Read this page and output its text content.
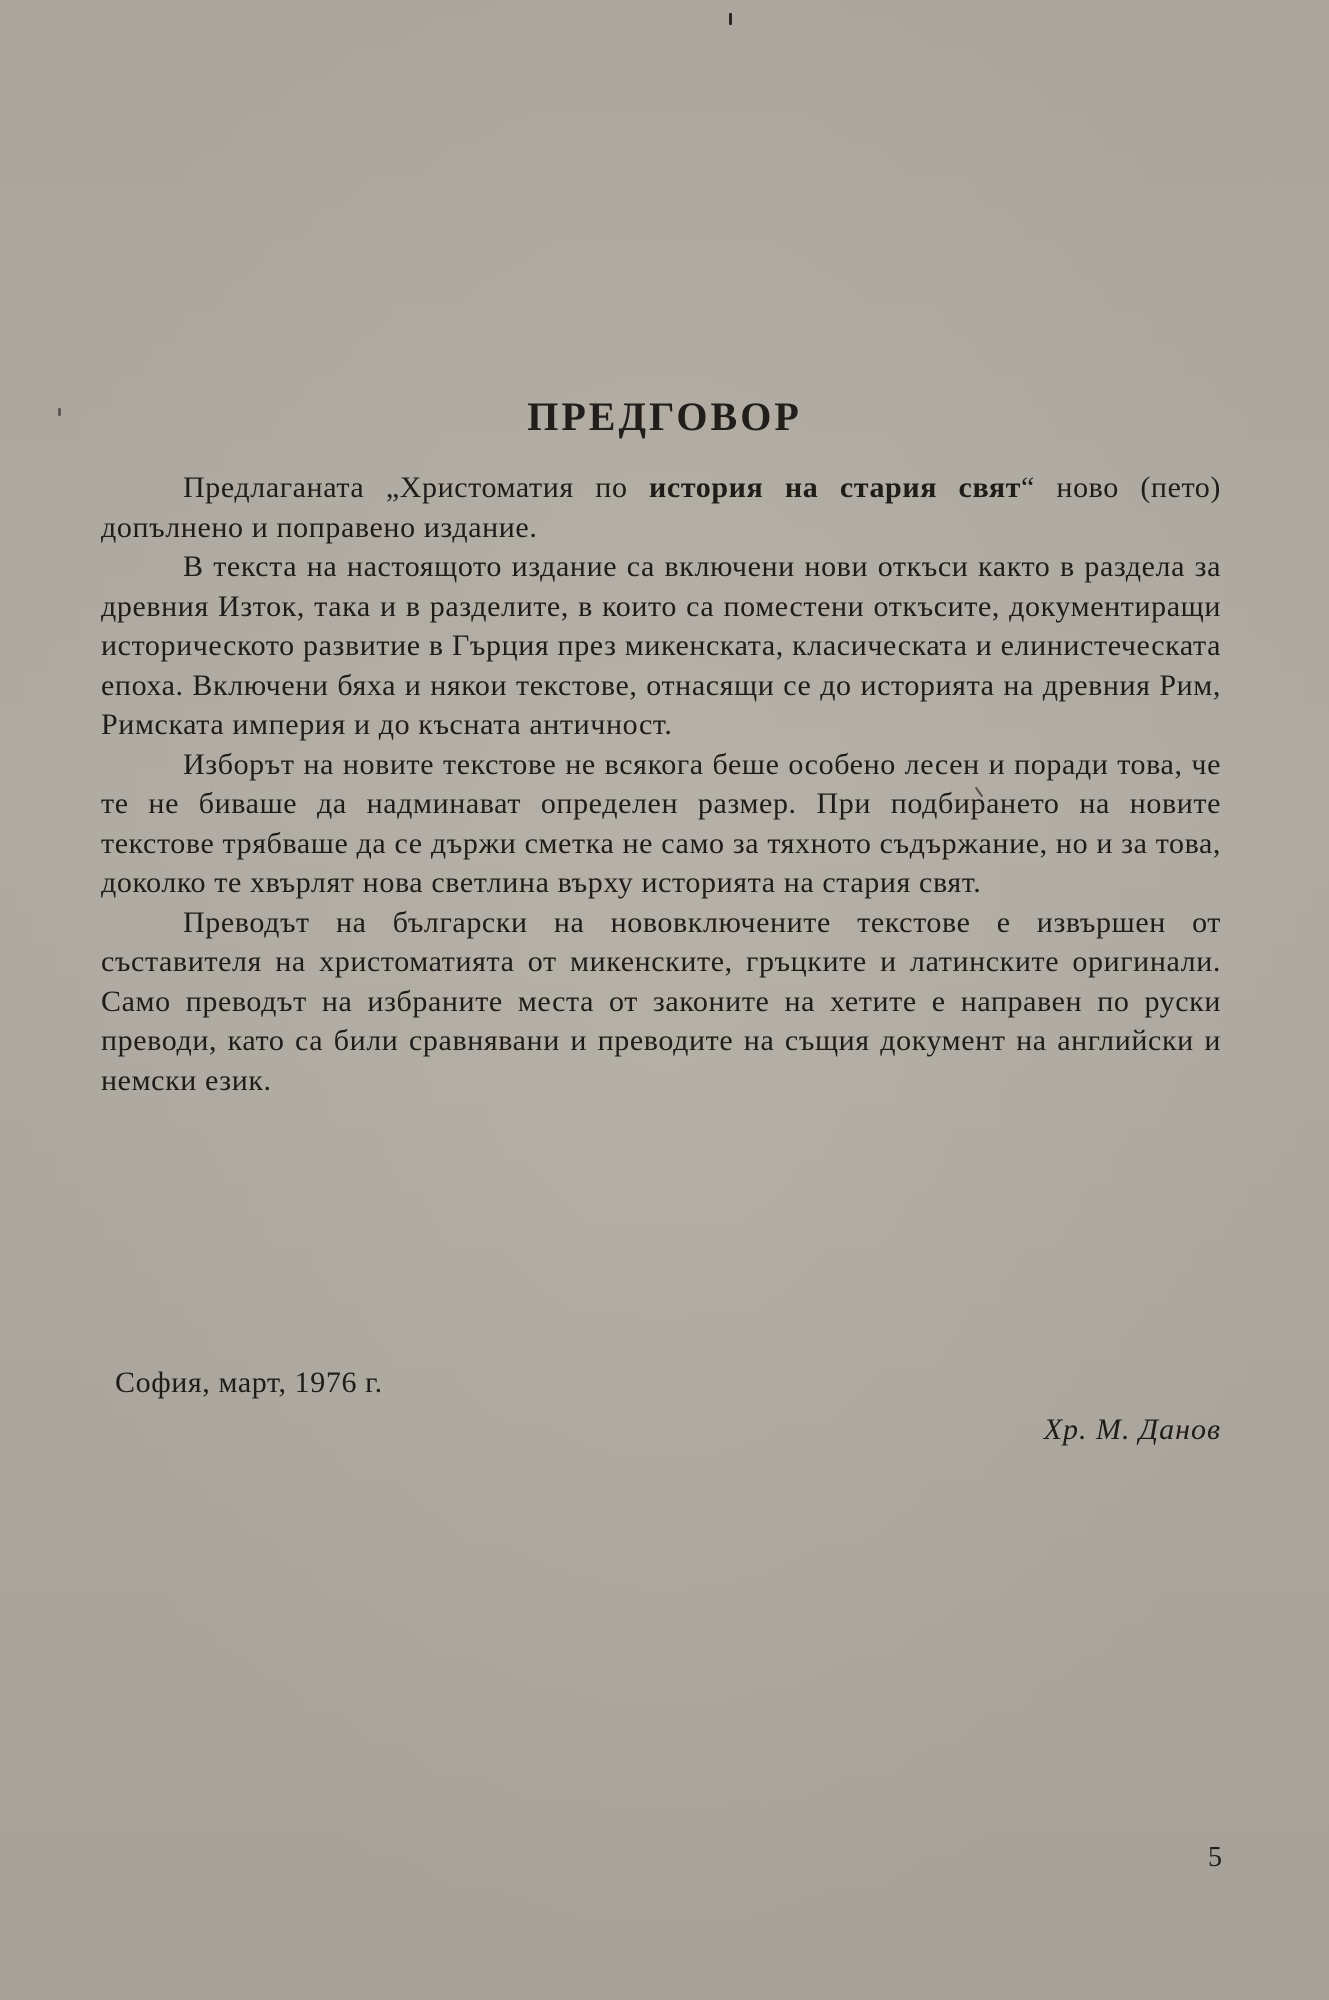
ПРЕДГОВОР

Предлаганата „Христоматия по история на стария свят“ ново (пето) допълнено и поправено издание.

В текста на настоящото издание са включени нови откъси както в раздела за древния Изток, така и в разделите, в които са поместени откъсите, документиращи историческото развитие в Гърция през микенската, класическата и елинистеческата епоха. Включени бяха и някои текстове, отнасящи се до историята на древния Рим, Римската империя и до късната античност.

Изборът на новите текстове не всякога беше особено лесен и поради това, че те не биваше да надминават определен размер. При подбирането на новите текстове трябваше да се държи сметка не само за тяхното съдържание, но и за това, доколко те хвърлят нова светлина върху историята на стария свят.

Преводът на български на нововключените текстове е извършен от съставителя на христоматията от микенските, гръцките и латинските оригинали. Само преводът на избраните места от законите на хетите е направен по руски преводи, като са били сравнявани и преводите на същия документ на английски и немски език.

София, март, 1976 г.
Хр. М. Данов
5
